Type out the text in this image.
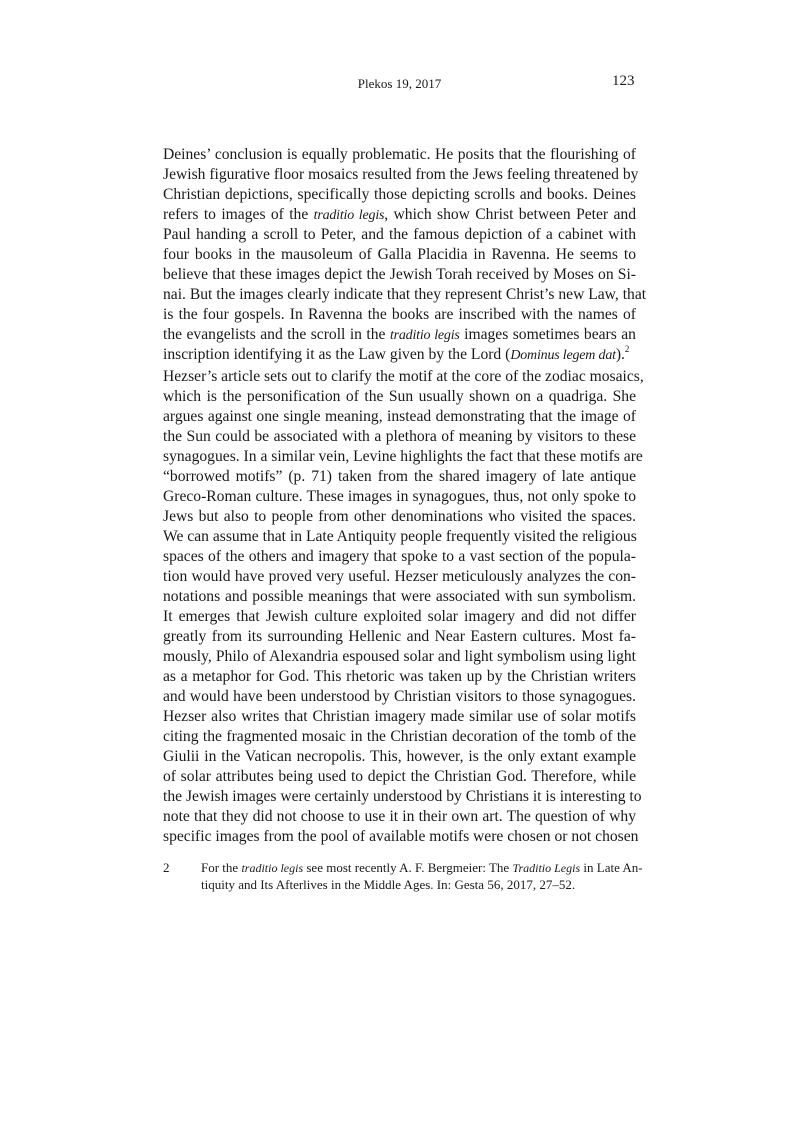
Plekos 19, 2017	123
Deines’ conclusion is equally problematic. He posits that the flourishing of
Jewish figurative floor mosaics resulted from the Jews feeling threatened by
Christian depictions, specifically those depicting scrolls and books. Deines
refers to images of the traditio legis, which show Christ between Peter and
Paul handing a scroll to Peter, and the famous depiction of a cabinet with
four books in the mausoleum of Galla Placidia in Ravenna. He seems to
believe that these images depict the Jewish Torah received by Moses on Si-
nai. But the images clearly indicate that they represent Christ’s new Law, that
is the four gospels. In Ravenna the books are inscribed with the names of
the evangelists and the scroll in the traditio legis images sometimes bears an
inscription identifying it as the Law given by the Lord (Dominus legem dat).$^2$
Hezser’s article sets out to clarify the motif at the core of the zodiac mosaics,
which is the personification of the Sun usually shown on a quadriga. She
argues against one single meaning, instead demonstrating that the image of
the Sun could be associated with a plethora of meaning by visitors to these
synagogues. In a similar vein, Levine highlights the fact that these motifs are
“borrowed motifs” (p. 71) taken from the shared imagery of late antique
Greco-Roman culture. These images in synagogues, thus, not only spoke to
Jews but also to people from other denominations who visited the spaces.
We can assume that in Late Antiquity people frequently visited the religious
spaces of the others and imagery that spoke to a vast section of the popula-
tion would have proved very useful. Hezser meticulously analyzes the con-
notations and possible meanings that were associated with sun symbolism.
It emerges that Jewish culture exploited solar imagery and did not differ
greatly from its surrounding Hellenic and Near Eastern cultures. Most fa-
mously, Philo of Alexandria espoused solar and light symbolism using light
as a metaphor for God. This rhetoric was taken up by the Christian writers
and would have been understood by Christian visitors to those synagogues.
Hezser also writes that Christian imagery made similar use of solar motifs
citing the fragmented mosaic in the Christian decoration of the tomb of the
Giulii in the Vatican necropolis. This, however, is the only extant example
of solar attributes being used to depict the Christian God. Therefore, while
the Jewish images were certainly understood by Christians it is interesting to
note that they did not choose to use it in their own art. The question of why
specific images from the pool of available motifs were chosen or not chosen
2 For the traditio legis see most recently A. F. Bergmeier: The Traditio Legis in Late An-
tiquity and Its Afterlives in the Middle Ages. In: Gesta 56, 2017, 27–52.
